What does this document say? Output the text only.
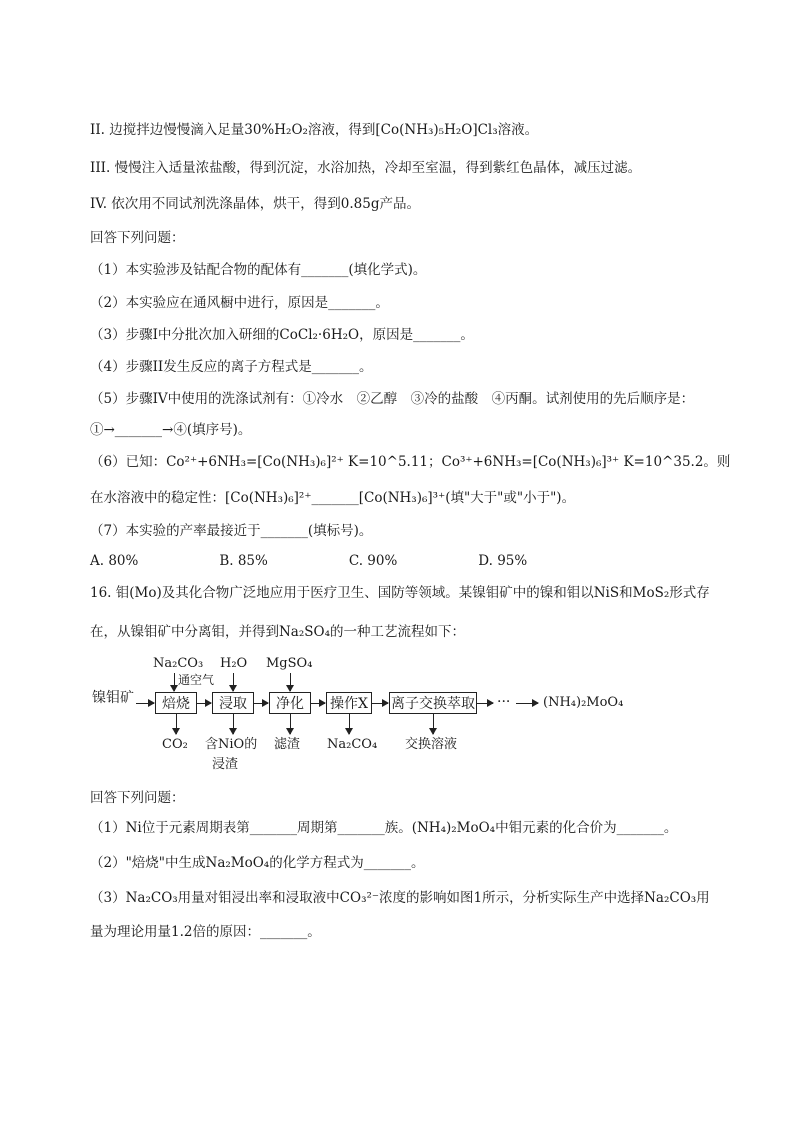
II. 边搅拌边慢慢滴入足量30%H₂O₂溶液，得到[Co(NH₃)₅H₂O]Cl₃溶液。
III. 慢慢注入适量浓盐酸，得到沉淀，水浴加热，冷却至室温，得到紫红色晶体，减压过滤。
IV. 依次用不同试剂洗涤晶体，烘干，得到0.85g产品。
回答下列问题：
（1）本实验涉及钴配合物的配体有_______(填化学式)。
（2）本实验应在通风橱中进行，原因是_______。
（3）步骤I中分批次加入研细的CoCl₂·6H₂O，原因是_______。
（4）步骤II发生反应的离子方程式是_______。
（5）步骤IV中使用的洗涤试剂有：①冷水　②乙醇　③冷的盐酸　④丙酮。试剂使用的先后顺序是：
①→_______→④(填序号)。
（6）已知：Co²⁺+6NH₃=[Co(NH₃)₆]²⁺ K=10^5.11；Co³⁺+6NH₃=[Co(NH₃)₆]³⁺ K=10^35.2。则
在水溶液中的稳定性：[Co(NH₃)₆]²⁺_______[Co(NH₃)₆]³⁺(填"大于"或"小于")。
（7）本实验的产率最接近于_______(填标号)。
A. 80%　　　　　　B. 85%　　　　　　C. 90%　　　　　　D. 95%
16. 钼(Mo)及其化合物广泛地应用于医疗卫生、国防等领域。某镍钼矿中的镍和钼以NiS和MoS₂形式存
在，从镍钼矿中分离钼，并得到Na₂SO₄的一种工艺流程如下：
回答下列问题：
（1）Ni位于元素周期表第_______周期第_______族。(NH₄)₂MoO₄中钼元素的化合价为_______。
（2）"焙烧"中生成Na₂MoO₄的化学方程式为_______。
（3）Na₂CO₃用量对钼浸出率和浸取液中CO₃²⁻浓度的影响如图1所示，分析实际生产中选择Na₂CO₃用
量为理论用量1.2倍的原因：_______。
镍钼矿	焙烧	浸取	净化	操作X 离子交换萃取 ···	(NH₄)₂MoO₄
Na₂CO₃
通空气
H₂O MgSO₄
CO₂ 含NiO的
浸渣
滤渣 Na₂CO₄ 交换溶液
